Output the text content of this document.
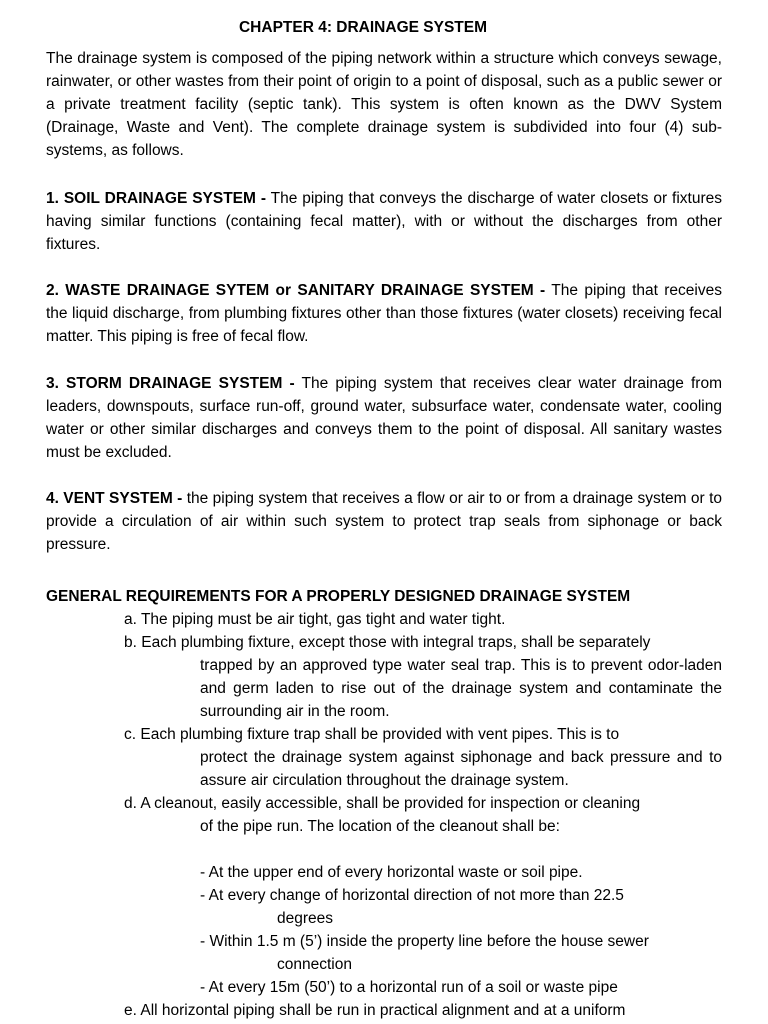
CHAPTER 4: DRAINAGE SYSTEM

The drainage system is composed of the piping network within a structure which conveys sewage, rainwater, or other wastes from their point of origin to a point of disposal, such as a public sewer or a private treatment facility (septic tank). This system is often known as the DWV System (Drainage, Waste and Vent). The complete drainage system is subdivided into four (4) sub-systems, as follows.

1. SOIL DRAINAGE SYSTEM - The piping that conveys the discharge of water closets or fixtures having similar functions (containing fecal matter), with or without the discharges from other fixtures.

2. WASTE DRAINAGE SYTEM or SANITARY DRAINAGE SYSTEM - The piping that receives the liquid discharge, from plumbing fixtures other than those fixtures (water closets) receiving fecal matter. This piping is free of fecal flow.

3. STORM DRAINAGE SYSTEM - The piping system that receives clear water drainage from leaders, downspouts, surface run-off, ground water, subsurface water, condensate water, cooling water or other similar discharges and conveys them to the point of disposal. All sanitary wastes must be excluded.

4. VENT SYSTEM - the piping system that receives a flow or air to or from a drainage system or to provide a circulation of air within such system to protect trap seals from siphonage or back pressure.

GENERAL REQUIREMENTS FOR A PROPERLY DESIGNED DRAINAGE SYSTEM

a. The piping must be air tight, gas tight and water tight.

b. Each plumbing fixture, except those with integral traps, shall be separately
trapped by an approved type water seal trap. This is to prevent odor-laden and germ laden to rise out of the drainage system and contaminate the surrounding air in the room.

c. Each plumbing fixture trap shall be provided with vent pipes. This is to
protect the drainage system against siphonage and back pressure and to assure air circulation throughout the drainage system.

d. A cleanout, easily accessible, shall be provided for inspection or cleaning
of the pipe run. The location of the cleanout shall be:

- At the upper end of every horizontal waste or soil pipe.

- At every change of horizontal direction of not more than 22.5
degrees

- Within 1.5 m (5’) inside the property line before the house sewer
connection

- At every 15m (50’) to a horizontal run of a soil or waste pipe

e. All horizontal piping shall be run in practical alignment and at a uniform
